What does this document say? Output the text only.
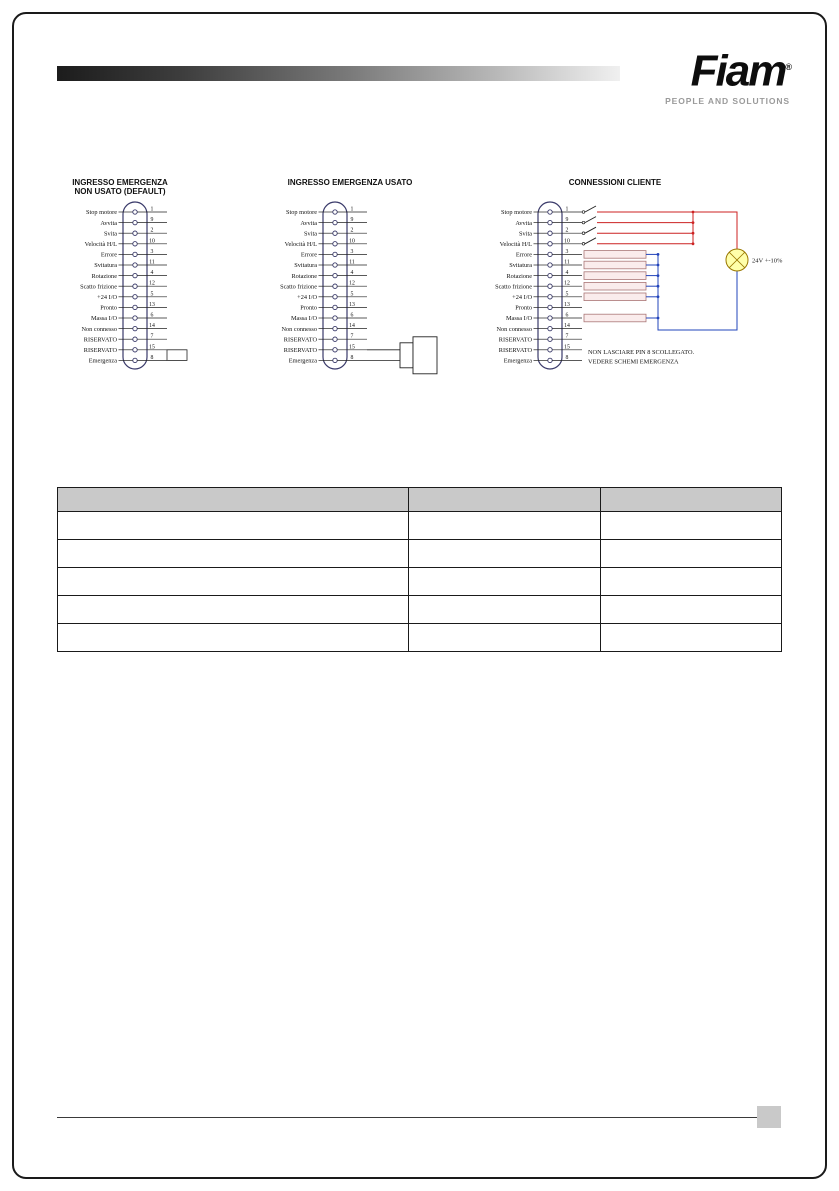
Fiam®
PEOPLE AND SOLUTIONS
INGRESSO EMERGENZA
NON USATO (DEFAULT)
Stop motore	1
Avvita	9
Svita	2
Velocità H/L	10
Errore	3
Svitatura	11
Rotazione	4
Scatto frizione	12
+24 I/O	5
Pronto	13
Massa I/O	6
Non connesso	14
RISERVATO	7
RISERVATO	15
Emergenza	8
INGRESSO EMERGENZA USATO
Stop motore	1
Avvita	9
Svita	2
Velocità H/L	10
Errore	3
Svitatura	11
Rotazione	4
Scatto frizione	12
+24 I/O	5
Pronto	13
Massa I/O	6
Non connesso	14
RISERVATO	7
RISERVATO	15
Emergenza	8
CONNESSIONI CLIENTE
Stop motore	1
Avvita	9
Svita	2
Velocità H/L	10
Errore	3
Svitatura	11
Rotazione	4
Scatto frizione	12
+24 I/O	5
Pronto	13
Massa I/O	6
Non connesso	14
RISERVATO	7
RISERVATO	15
Emergenza	8
24V +-10%
NON LASCIARE PIN 8 SCOLLEGATO.
VEDERE SCHEMI EMERGENZA
